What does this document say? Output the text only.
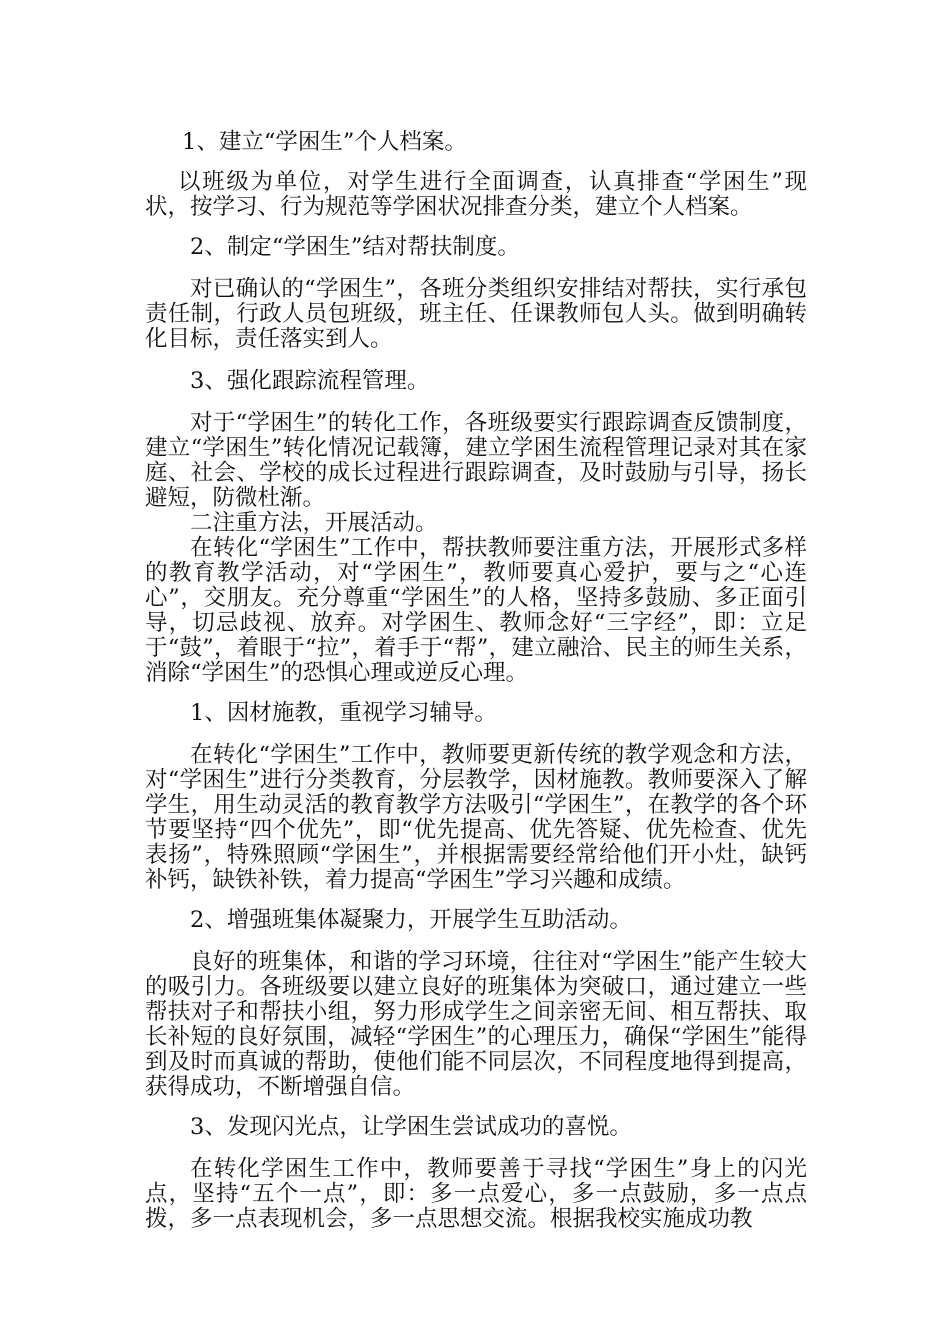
1、建立“学困生”个人档案。

以班级为单位，对学生进行全面调查，认真排查“学困生”现状，按学习、行为规范等学困状况排查分类，建立个人档案。

2、制定“学困生”结对帮扶制度。

对已确认的“学困生”，各班分类组织安排结对帮扶，实行承包责任制，行政人员包班级，班主任、任课教师包人头。做到明确转化目标，责任落实到人。

3、强化跟踪流程管理。

对于“学困生”的转化工作，各班级要实行跟踪调查反馈制度，建立“学困生”转化情况记载簿，建立学困生流程管理记录对其在家庭、社会、学校的成长过程进行跟踪调查，及时鼓励与引导，扬长避短，防微杜渐。

二注重方法，开展活动。

在转化“学困生”工作中，帮扶教师要注重方法，开展形式多样的教育教学活动，对“学困生”，教师要真心爱护，要与之“心连心”，交朋友。充分尊重“学困生”的人格，坚持多鼓励、多正面引导，切忌歧视、放弃。对学困生、教师念好“三字经”，即：立足于“鼓”，着眼于“拉”，着手于“帮”，建立融洽、民主的师生关系，消除“学困生”的恐惧心理或逆反心理。

1、因材施教，重视学习辅导。

在转化“学困生”工作中，教师要更新传统的教学观念和方法，对“学困生”进行分类教育，分层教学，因材施教。教师要深入了解学生，用生动灵活的教育教学方法吸引“学困生”，在教学的各个环节要坚持“四个优先”，即“优先提高、优先答疑、优先检查、优先表扬”，特殊照顾“学困生”，并根据需要经常给他们开小灶，缺钙补钙，缺铁补铁，着力提高“学困生”学习兴趣和成绩。

2、增强班集体凝聚力，开展学生互助活动。

良好的班集体，和谐的学习环境，往往对“学困生”能产生较大的吸引力。各班级要以建立良好的班集体为突破口，通过建立一些帮扶对子和帮扶小组，努力形成学生之间亲密无间、相互帮扶、取长补短的良好氛围，减轻“学困生”的心理压力，确保“学困生”能得到及时而真诚的帮助，使他们能不同层次，不同程度地得到提高，获得成功，不断增强自信。

3、发现闪光点，让学困生尝试成功的喜悦。

在转化学困生工作中，教师要善于寻找“学困生”身上的闪光点，坚持“五个一点”，即：多一点爱心，多一点鼓励，多一点点拨，多一点表现机会，多一点思想交流。根据我校实施成功教
